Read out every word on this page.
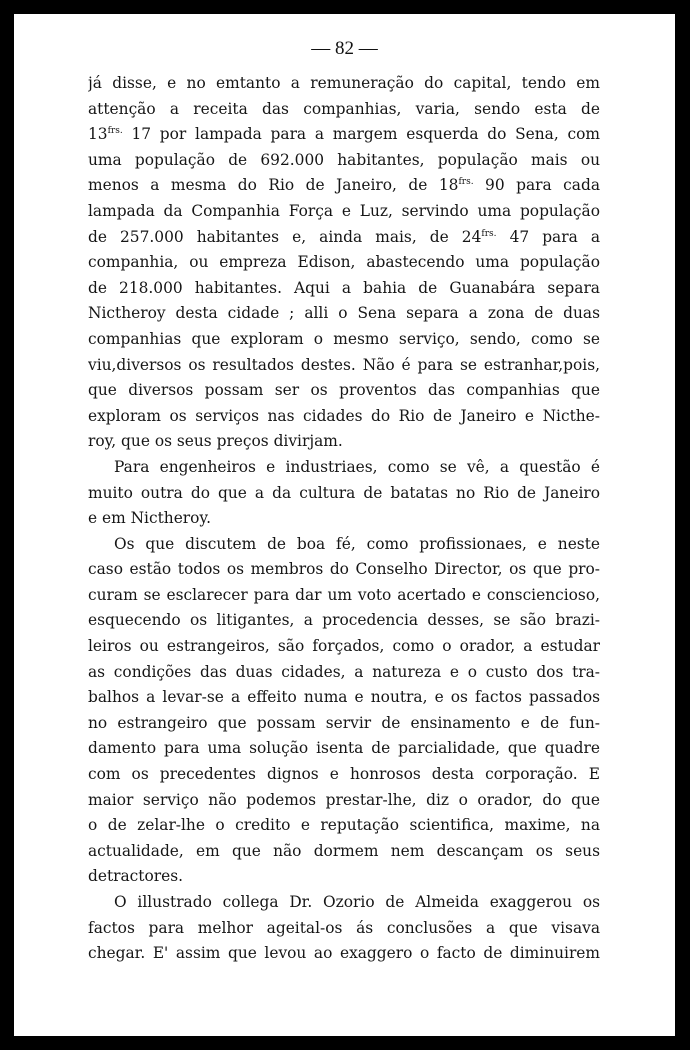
— 82 —
já disse, e no emtanto a remuneração do capital, tendo em
attenção a receita das companhias, varia, sendo esta de
$13^{frs.}$ 17 por lampada para a margem esquerda do Sena, com
uma população de 692.000 habitantes, população mais ou
menos a mesma do Rio de Janeiro, de $18^{frs.}$ 90 para cada
lampada da Companhia Força e Luz, servindo uma população
de 257.000 habitantes e, ainda mais, de $24^{frs.}$ 47 para a
companhia, ou empreza Edison, abastecendo uma população
de 218.000 habitantes. Aqui a bahia de Guanabára separa
Nictheroy desta cidade ; alli o Sena separa a zona de duas
companhias que exploram o mesmo serviço, sendo, como se
viu,diversos os resultados destes. Não é para se estranhar,pois,
que diversos possam ser os proventos das companhias que
exploram os serviços nas cidades do Rio de Janeiro e Nicthe-
roy, que os seus preços divirjam.
Para engenheiros e industriaes, como se vê, a questão é
muito outra do que a da cultura de batatas no Rio de Janeiro
e em Nictheroy.
Os que discutem de boa fé, como profissionaes, e neste
caso estão todos os membros do Conselho Director, os que pro-
curam se esclarecer para dar um voto acertado e consciencioso,
esquecendo os litigantes, a procedencia desses, se são brazi-
leiros ou estrangeiros, são forçados, como o orador, a estudar
as condições das duas cidades, a natureza e o custo dos tra-
balhos a levar-se a effeito numa e noutra, e os factos passados
no estrangeiro que possam servir de ensinamento e de fun-
damento para uma solução isenta de parcialidade, que quadre
com os precedentes dignos e honrosos desta corporação. E
maior serviço não podemos prestar-lhe, diz o orador, do que
o de zelar-lhe o credito e reputação scientifica, maxime, na
actualidade, em que não dormem nem descançam os seus
detractores.
O illustrado collega Dr. Ozorio de Almeida exaggerou os
factos para melhor ageital-os ás conclusões a que visava
chegar. E' assim que levou ao exaggero o facto de diminuirem
